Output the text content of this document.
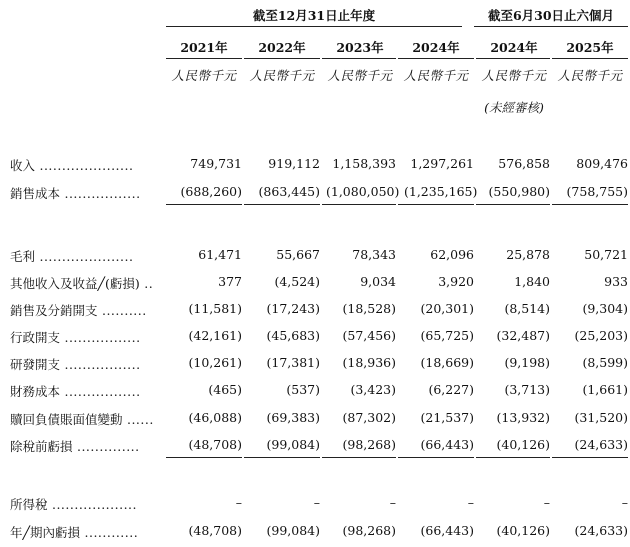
截至12月31日止年度	截至6月30日止六個月
2021年	2022年	2023年	2024年	2024年	2025年
人民幣千元	人民幣千元	人民幣千元 人民幣千元	人民幣千元 人民幣千元
(未經審核)
收入 .....................	749,731	919,112 1,158,393	1,297,261	576,858	809,476
銷售成本 .................	(688,260)	(863,445) (1,080,050) (1,235,165) (550,980)	(758,755)
毛利 .....................	61,471	55,667	78,343	62,096	25,878	50,721
其他收入及收益╱(虧損) ..	377	(4,524)	9,034	3,920	1,840	933
銷售及分銷開支 ..........	(11,581)	(17,243)	(18,528)	(20,301)	(8,514)	(9,304)
行政開支 .................	(42,161)	(45,683)	(57,456)	(65,725)	(32,487)	(25,203)
研發開支 .................	(10,261)	(17,381)	(18,936)	(18,669)	(9,198)	(8,599)
財務成本 .................	(465)	(537)	(3,423)	(6,227)	(3,713)	(1,661)
贖回負債賬面值變動 ......	(46,088)	(69,383)	(87,302)	(21,537)	(13,932)	(31,520)
除稅前虧損 ..............	(48,708)	(99,084)	(98,268)	(66,443)	(40,126)	(24,633)
所得稅 ...................	–	–	–	–	–	–
年╱期內虧損 ............	(48,708)	(99,084)	(98,268)	(66,443)	(40,126)	(24,633)
